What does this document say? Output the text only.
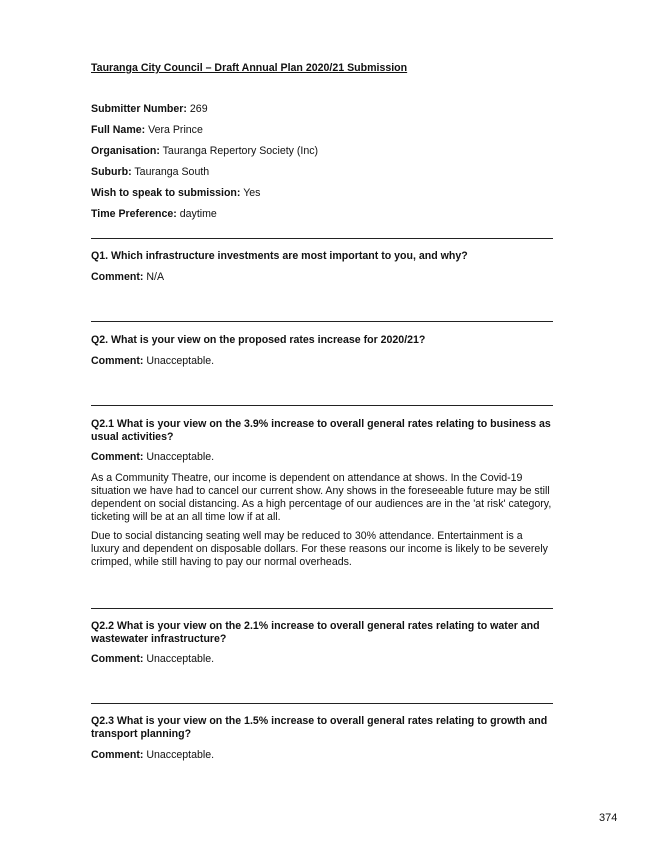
Tauranga City Council – Draft Annual Plan 2020/21 Submission
Submitter Number: 269
Full Name: Vera Prince
Organisation: Tauranga Repertory Society (Inc)
Suburb: Tauranga South
Wish to speak to submission: Yes
Time Preference: daytime
Q1. Which infrastructure investments are most important to you, and why?
Comment: N/A
Q2. What is your view on the proposed rates increase for 2020/21?
Comment: Unacceptable.
Q2.1 What is your view on the 3.9% increase to overall general rates relating to business as usual activities?
Comment: Unacceptable.
As a Community Theatre, our income is dependent on attendance at shows. In the Covid-19 situation we have had to cancel our current show. Any shows in the foreseeable future may be still dependent on social distancing. As a high percentage of our audiences are in the 'at risk' category, ticketing will be at an all time low if at all.
Due to social distancing seating well may be reduced to 30% attendance. Entertainment is a luxury and dependent on disposable dollars. For these reasons our income is likely to be severely crimped, while still having to pay our normal overheads.
Q2.2 What is your view on the 2.1% increase to overall general rates relating to water and wastewater infrastructure?
Comment: Unacceptable.
Q2.3 What is your view on the 1.5% increase to overall general rates relating to growth and transport planning?
Comment: Unacceptable.
374
